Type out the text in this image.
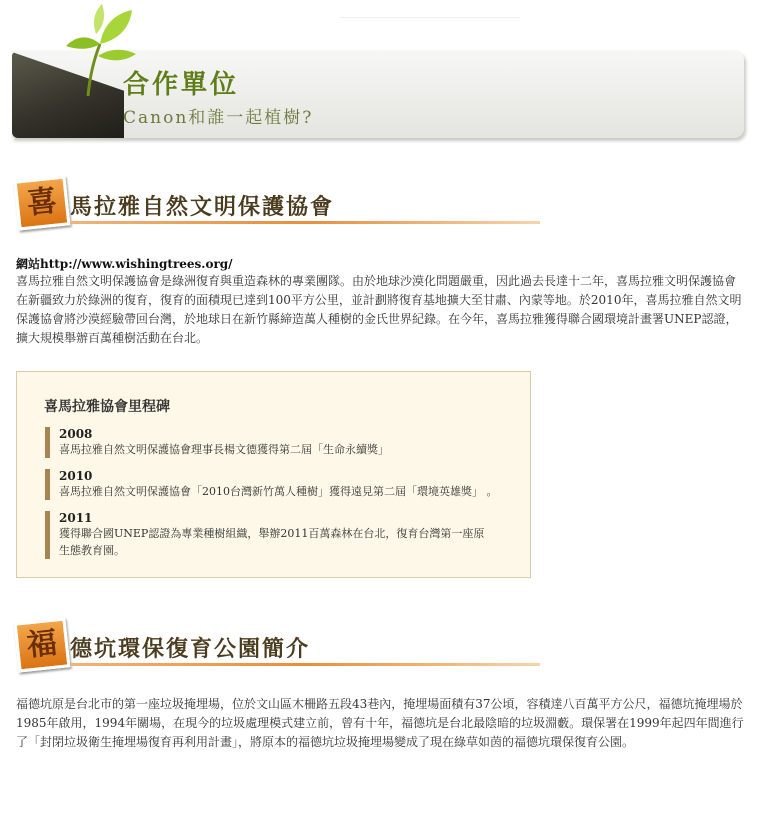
合作單位
Canon和誰一起植樹?
喜 馬拉雅自然文明保護協會
網站http://www.wishingtrees.org/
喜馬拉雅自然文明保護協會是綠洲復育與重造森林的專業團隊。由於地球沙漠化問題嚴重，因此過去長達十二年，喜馬拉雅文明保護協會在新疆致力於綠洲的復育，復育的面積現已達到100平方公里，並計劃將復育基地擴大至甘肅、內蒙等地。於2010年，喜馬拉雅自然文明保護協會將沙漠經驗帶回台灣，於地球日在新竹縣締造萬人種樹的金氏世界紀錄。在今年，喜馬拉雅獲得聯合國環境計畫署UNEP認證，擴大規模舉辦百萬種樹活動在台北。
喜馬拉雅協會里程碑
2008
喜馬拉雅自然文明保護協會理事長楊文德獲得第二屆「生命永續獎」
2010
喜馬拉雅自然文明保護協會「2010台灣新竹萬人種樹」獲得遠見第二屆「環境英雄獎」 。
2011
獲得聯合國UNEP認證為專業種樹組織，舉辦2011百萬森林在台北，復育台灣第一座原生態教育園。
福 德坑環保復育公園簡介
福德坑原是台北市的第一座垃圾掩埋場，位於文山區木柵路五段43巷內，掩埋場面積有37公頃，容積達八百萬平方公尺，福德坑掩埋場於1985年啟用，1994年關場，在現今的垃圾處理模式建立前，曾有十年，福德坑是台北最陰暗的垃圾淵藪。環保署在1999年起四年間進行了「封閉垃圾衛生掩埋場復育再利用計畫」，將原本的福德坑垃圾掩埋場變成了現在綠草如茵的福德坑環保復育公園。
